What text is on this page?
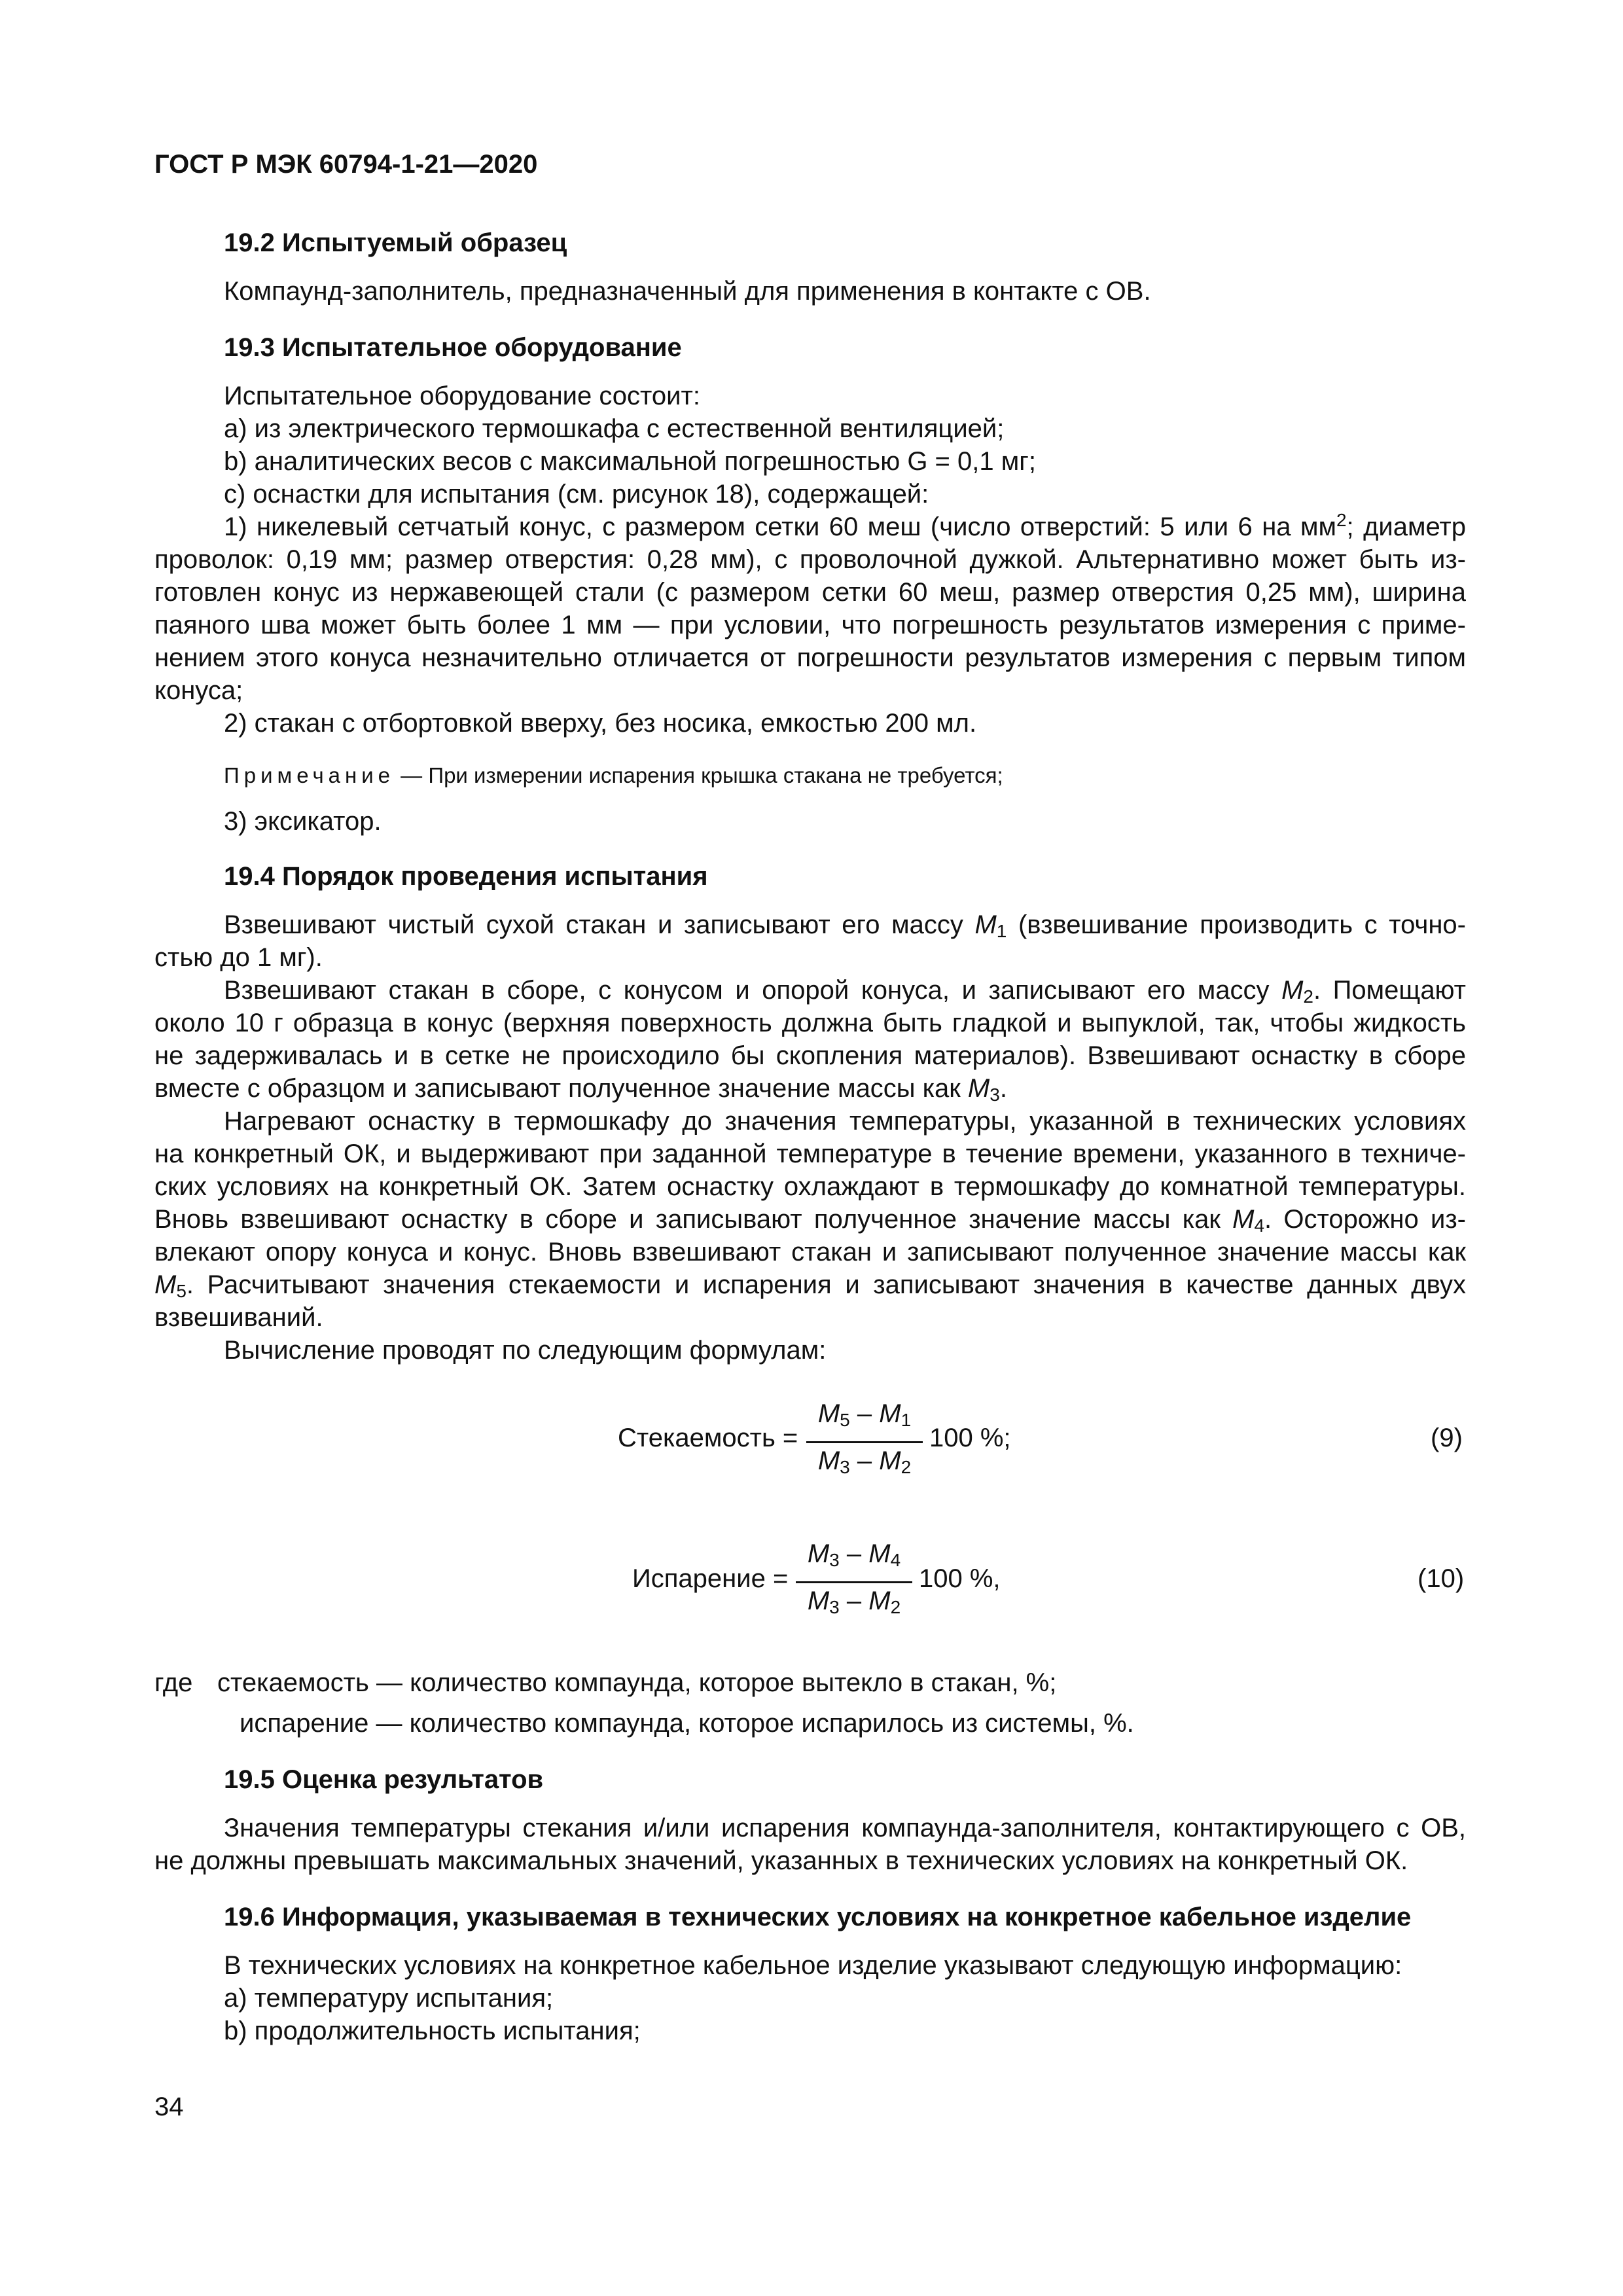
ГОСТ Р МЭК 60794-1-21—2020

19.2 Испытуемый образец

Компаунд-заполнитель, предназначенный для применения в контакте с ОВ.

19.3 Испытательное оборудование

Испытательное оборудование состоит:

a) из электрического термошкафа с естественной вентиляцией;

b) аналитических весов с максимальной погрешностью G = 0,1 мг;

c) оснастки для испытания (см. рисунок 18), содержащей:

1) никелевый сетчатый конус, с размером сетки 60 меш (число отверстий: 5 или 6 на $мм^2$; диаметр

проволок: 0,19 мм; размер отверстия: 0,28 мм), с проволочной дужкой. Альтернативно может быть из-

готовлен конус из нержавеющей стали (с размером сетки 60 меш, размер отверстия 0,25 мм), ширина

паяного шва может быть более 1 мм — при условии, что погрешность результатов измерения с приме-

нением этого конуса незначительно отличается от погрешности результатов измерения с первым типом

конуса;

2) стакан с отбортовкой вверху, без носика, емкостью 200 мл.

Примечание — При измерении испарения крышка стакана не требуется;

3) эксикатор.

19.4 Порядок проведения испытания

Взвешивают чистый сухой стакан и записывают его массу $M_1$ (взвешивание производить с точно-

стью до 1 мг).

Взвешивают стакан в сборе, с конусом и опорой конуса, и записывают его массу $M_2$. Помещают

около 10 г образца в конус (верхняя поверхность должна быть гладкой и выпуклой, так, чтобы жидкость

не задерживалась и в сетке не происходило бы скопления материалов). Взвешивают оснастку в сборе

вместе с образцом и записывают полученное значение массы как $M_3$.

Нагревают оснастку в термошкафу до значения температуры, указанной в технических условиях

на конкретный ОК, и выдерживают при заданной температуре в течение времени, указанного в техниче-

ских условиях на конкретный ОК. Затем оснастку охлаждают в термошкафу до комнатной температуры.

Вновь взвешивают оснастку в сборе и записывают полученное значение массы как $M_4$. Осторожно из-

влекают опору конуса и конус. Вновь взвешивают стакан и записывают полученное значение массы как

$M_5$. Расчитывают значения стекаемости и испарения и записывают значения в качестве данных двух

взвешиваний.

Вычисление проводят по следующим формулам:

Стекаемость =
$M_5 - M_1$
$M_3 - M_2$
100 %;	(9)
Испарение =
$M_3 - M_4$
$M_3 - M_2$
100 %,	(10)

где стекаемость — количество компаунда, которое вытекло в стакан, %;

испарение — количество компаунда, которое испарилось из системы, %.

19.5 Оценка результатов

Значения температуры стекания и/или испарения компаунда-заполнителя, контактирующего с ОВ,

не должны превышать максимальных значений, указанных в технических условиях на конкретный ОК.

19.6 Информация, указываемая в технических условиях на конкретное кабельное изделие

В технических условиях на конкретное кабельное изделие указывают следующую информацию:

a) температуру испытания;

b) продолжительность испытания;

34
